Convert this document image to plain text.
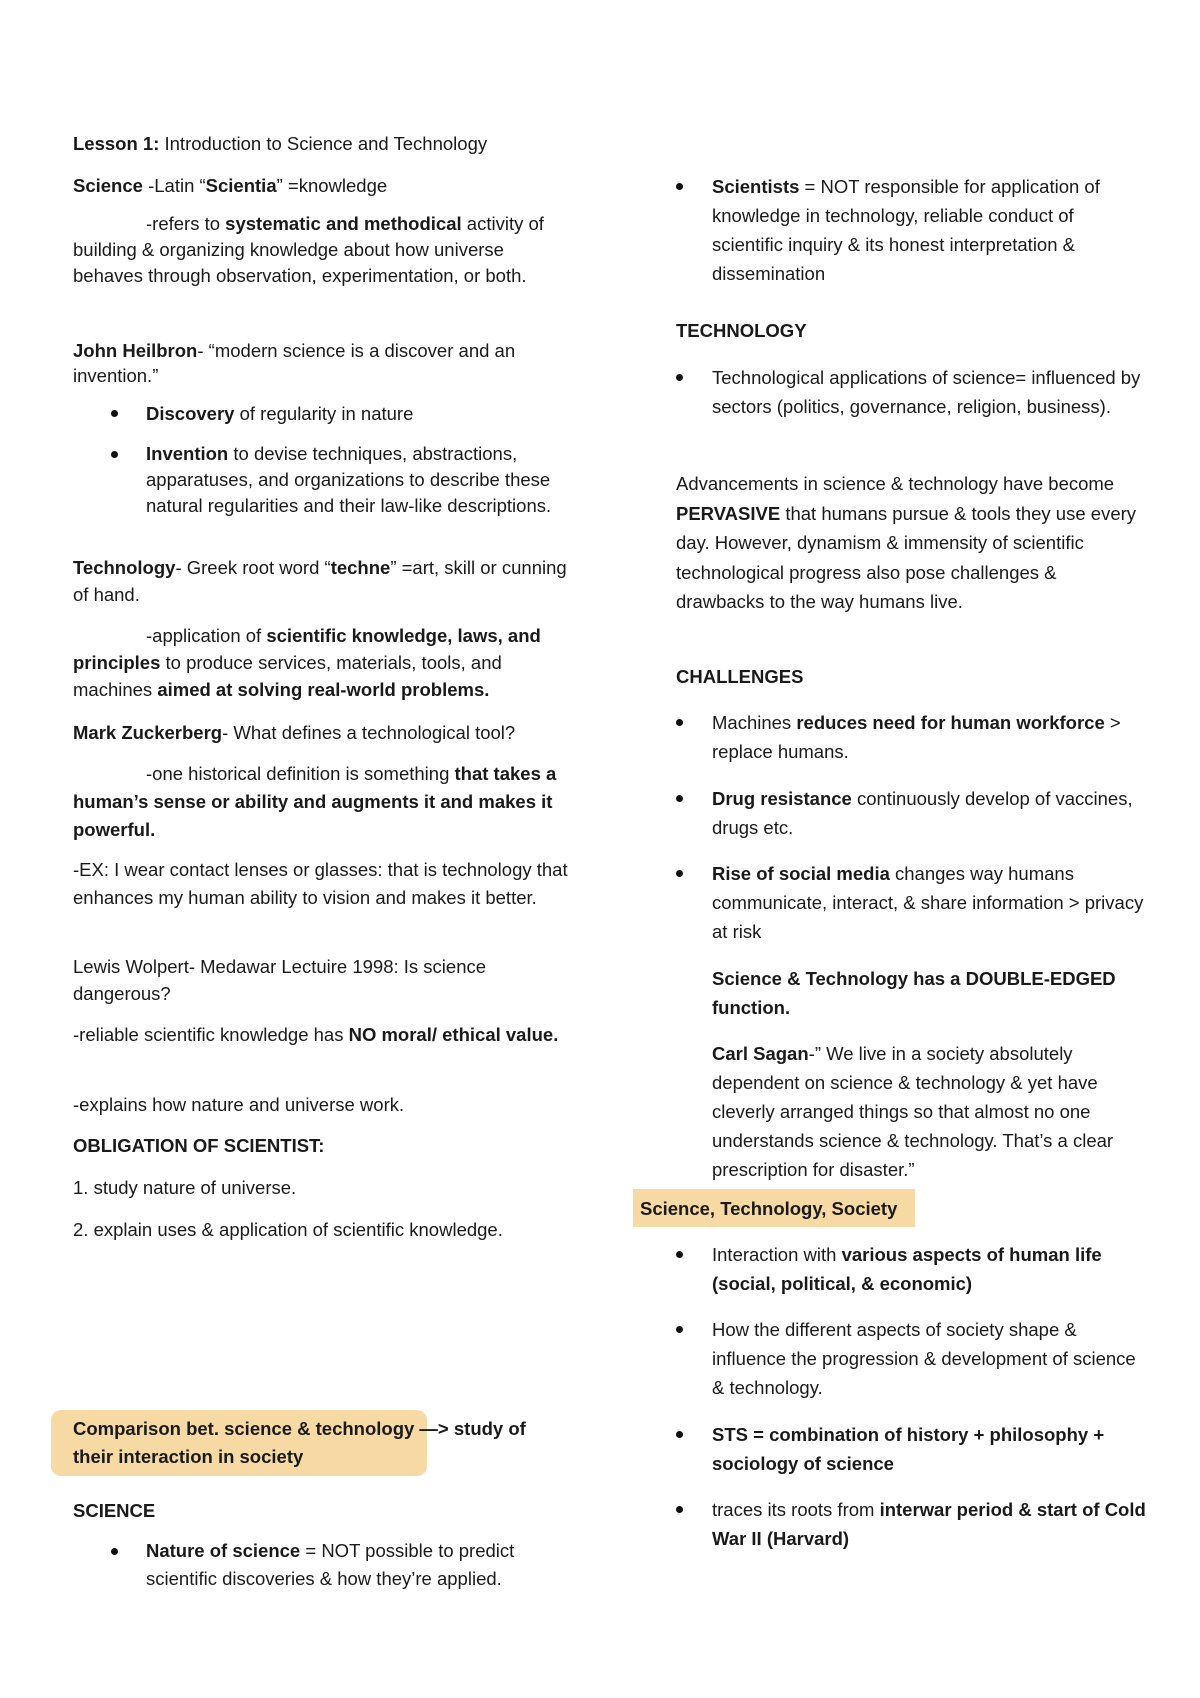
Lesson 1: Introduction to Science and Technology

Science -Latin “Scientia” =knowledge

-refers to systematic and methodical activity of building & organizing knowledge about how universe behaves through observation, experimentation, or both.

John Heilbron- “modern science is a discover and an invention.”

Discovery of regularity in nature
Invention to devise techniques, abstractions, apparatuses, and organizations to describe these natural regularities and their law-like descriptions.

Technology- Greek root word “techne” =art, skill or cunning of hand.

-application of scientific knowledge, laws, and principles to produce services, materials, tools, and machines aimed at solving real-world problems.

Mark Zuckerberg- What defines a technological tool?

-one historical definition is something that takes a human’s sense or ability and augments it and makes it powerful.

-EX: I wear contact lenses or glasses: that is technology that enhances my human ability to vision and makes it better.

Lewis Wolpert- Medawar Lectuire 1998: Is science dangerous?

-reliable scientific knowledge has NO moral/ ethical value.

-explains how nature and universe work.

OBLIGATION OF SCIENTIST:

1. study nature of universe.

2. explain uses & application of scientific knowledge.

Comparison bet. science & technology —> study of their interaction in society

SCIENCE

Nature of science = NOT possible to predict scientific discoveries & how they’re applied.
Scientists = NOT responsible for application of knowledge in technology, reliable conduct of scientific inquiry & its honest interpretation & dissemination

TECHNOLOGY

Technological applications of science= influenced by sectors (politics, governance, religion, business).

Advancements in science & technology have become PERVASIVE that humans pursue & tools they use every day. However, dynamism & immensity of scientific technological progress also pose challenges & drawbacks to the way humans live.

CHALLENGES

Machines reduces need for human workforce > replace humans.
Drug resistance continuously develop of vaccines, drugs etc.
Rise of social media changes way humans communicate, interact, & share information > privacy at risk

Science & Technology has a DOUBLE-EDGED function.

Carl Sagan-” We live in a society absolutely dependent on science & technology & yet have cleverly arranged things so that almost no one understands science & technology. That’s a clear prescription for disaster.”

Science, Technology, Society

Interaction with various aspects of human life (social, political, & economic)
How the different aspects of society shape & influence the progression & development of science & technology.
STS = combination of history + philosophy + sociology of science
traces its roots from interwar period & start of Cold War II (Harvard)
